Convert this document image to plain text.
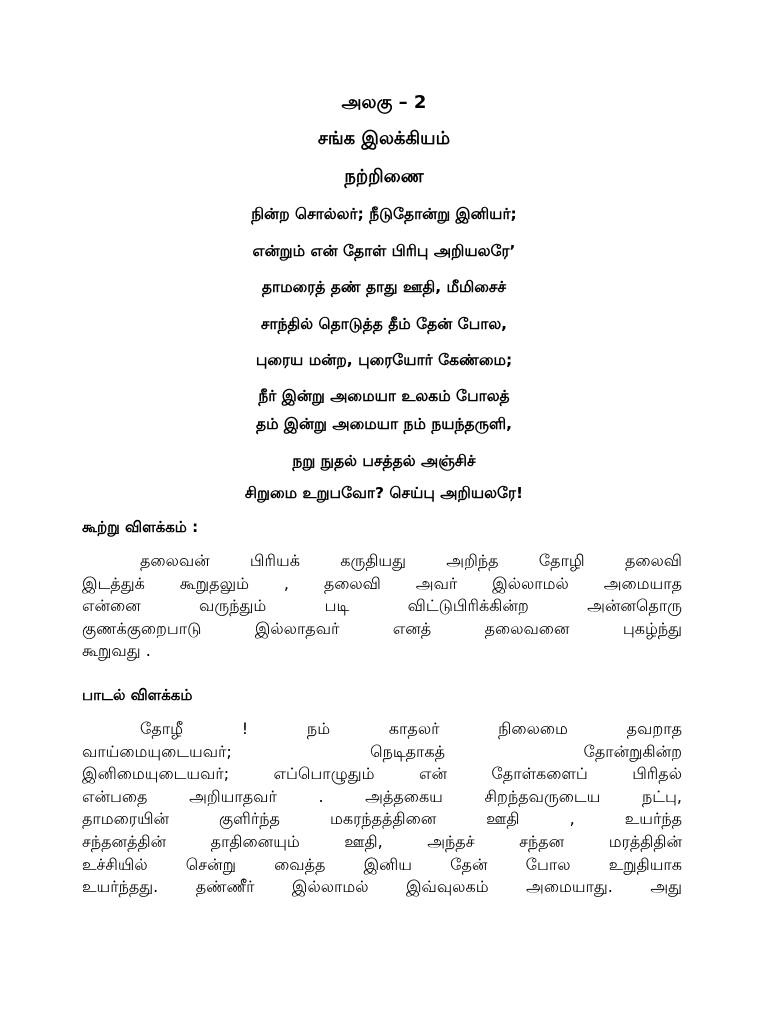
அலகு – 2
சங்க இலக்கியம்
நற்றிணை
நின்ற சொல்லர்; நீடுதோன்று இனியர்;
என்றும் என் தோள் பிரிபு அறியலரே’
தாமரைத் தண் தாது ஊதி, மீமிசைச்
சாந்தில் தொடுத்த தீம் தேன் போல,
புரைய மன்ற, புரையோர் கேண்மை;
நீர் இன்று அமையா உலகம் போலத்
தம் இன்று அமையா நம் நயந்தருளி,
நறு நுதல் பசத்தல் அஞ்சிச்
சிறுமை உறுபவோ? செய்பு அறியலரே!
கூற்று விளக்கம் :
தலைவன் பிரியக் கருதியது அறிந்த தோழி தலைவி
இடத்துக் கூறுதலும் , தலைவி அவர் இல்லாமல் அமையாத
என்னை வருந்தும் படி விட்டுபிரிக்கின்ற அன்னதொரு
குணக்குறைபாடு இல்லாதவர் எனத் தலைவனை புகழ்ந்து
கூறுவது .
பாடல் விளக்கம்
தோழீ ! நம் காதலர் நிலைமை தவறாத
வாய்மையுடையவர்; நெடிதாகத் தோன்றுகின்ற
இனிமையுடையவர்; எப்பொழுதும் என் தோள்களைப் பிரிதல்
என்பதை அறியாதவர் . அத்தகைய சிறந்தவருடைய நட்பு,
தாமரையின் குளிர்ந்த மகரந்தத்தினை ஊதி , உயர்ந்த
சந்தனத்தின் தாதினையும் ஊதி, அந்தச் சந்தன மரத்திதின்
உச்சியில் சென்று வைத்த இனிய தேன் போல உறுதியாக
உயர்ந்தது. தண்ணீர் இல்லாமல் இவ்வுலகம் அமையாது. அது
